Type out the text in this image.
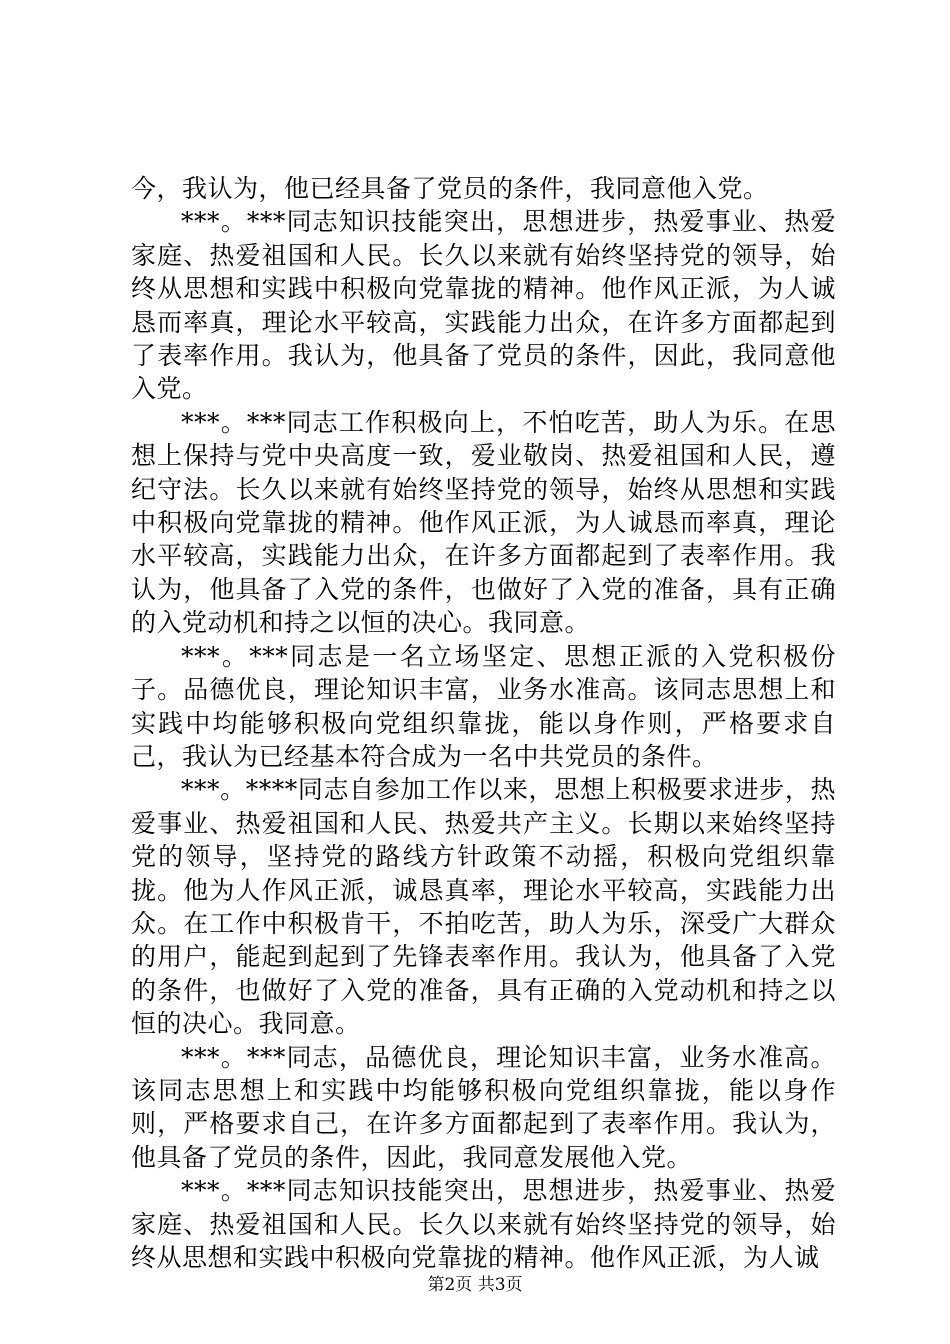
今，我认为，他已经具备了党员的条件，我同意他入党。

***。***同志知识技能突出，思想进步，热爱事业、热爱家庭、热爱祖国和人民。长久以来就有始终坚持党的领导，始终从思想和实践中积极向党靠拢的精神。他作风正派，为人诚恳而率真，理论水平较高，实践能力出众，在许多方面都起到了表率作用。我认为，他具备了党员的条件，因此，我同意他入党。

***。***同志工作积极向上，不怕吃苦，助人为乐。在思想上保持与党中央高度一致，爱业敬岗、热爱祖国和人民，遵纪守法。长久以来就有始终坚持党的领导，始终从思想和实践中积极向党靠拢的精神。他作风正派，为人诚恳而率真，理论水平较高，实践能力出众，在许多方面都起到了表率作用。我认为，他具备了入党的条件，也做好了入党的准备，具有正确的入党动机和持之以恒的决心。我同意。

***。***同志是一名立场坚定、思想正派的入党积极份子。品德优良，理论知识丰富，业务水准高。该同志思想上和实践中均能够积极向党组织靠拢，能以身作则，严格要求自己，我认为已经基本符合成为一名中共党员的条件。

***。****同志自参加工作以来，思想上积极要求进步，热爱事业、热爱祖国和人民、热爱共产主义。长期以来始终坚持党的领导，坚持党的路线方针政策不动摇，积极向党组织靠拢。他为人作风正派，诚恳真率，理论水平较高，实践能力出众。在工作中积极肯干，不拍吃苦，助人为乐，深受广大群众的用户，能起到起到了先锋表率作用。我认为，他具备了入党的条件，也做好了入党的准备，具有正确的入党动机和持之以恒的决心。我同意。

***。***同志，品德优良，理论知识丰富，业务水准高。该同志思想上和实践中均能够积极向党组织靠拢，能以身作则，严格要求自己，在许多方面都起到了表率作用。我认为，他具备了党员的条件，因此，我同意发展他入党。

***。***同志知识技能突出，思想进步，热爱事业、热爱家庭、热爱祖国和人民。长久以来就有始终坚持党的领导，始终从思想和实践中积极向党靠拢的精神。他作风正派，为人诚

第2页 共3页
